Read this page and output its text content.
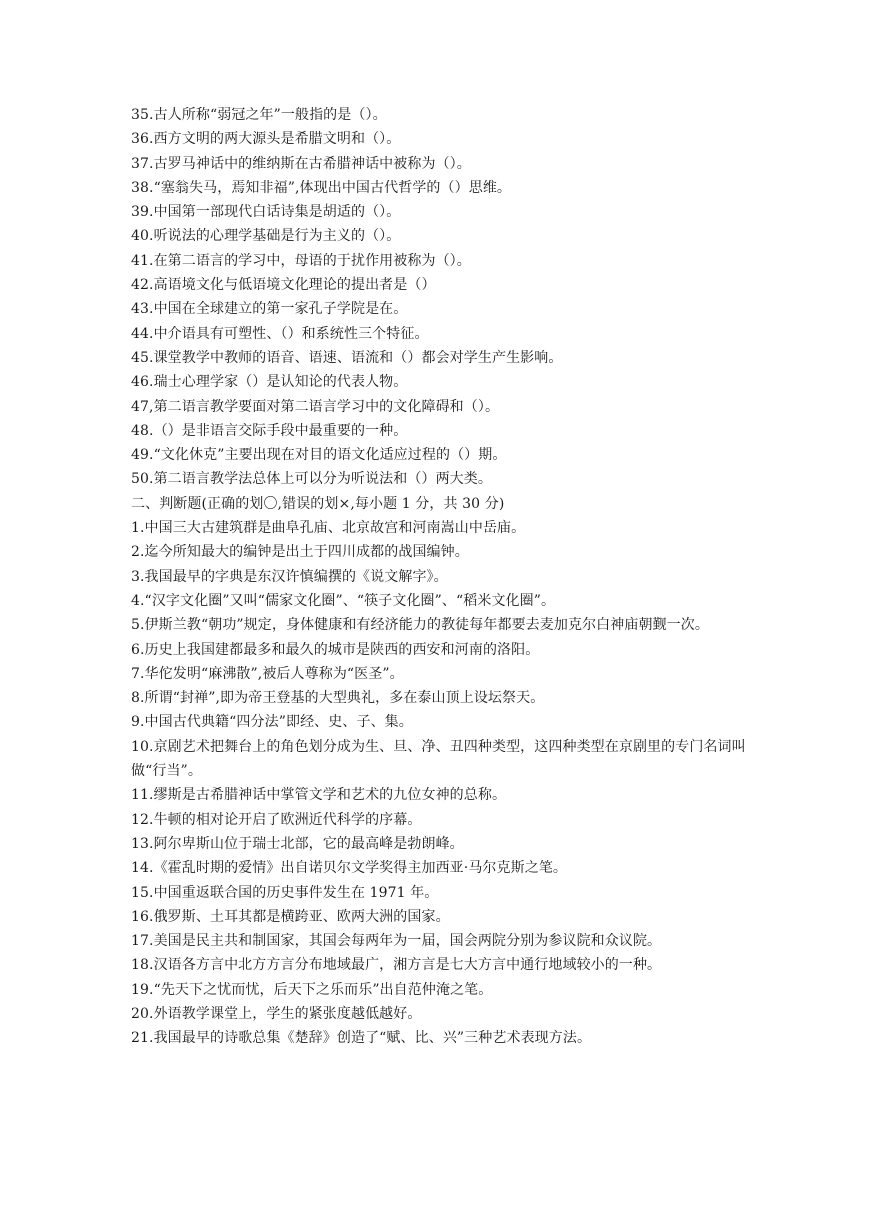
35.古人所称“弱冠之年”一般指的是（）。
36.西方文明的两大源头是希腊文明和（）。
37.古罗马神话中的维纳斯在古希腊神话中被称为（）。
38.“塞翁失马，焉知非福”,体现出中国古代哲学的（）思维。
39.中国第一部现代白话诗集是胡适的（）。
40.听说法的心理学基础是行为主义的（）。
41.在第二语言的学习中，母语的于扰作用被称为（）。
42.高语境文化与低语境文化理论的提出者是（）
43.中国在全球建立的第一家孔子学院是在。
44.中介语具有可塑性、（）和系统性三个特征。
45.课堂教学中教师的语音、语速、语流和（）都会对学生产生影响。
46.瑞士心理学家（）是认知论的代表人物。
47,第二语言教学要面对第二语言学习中的文化障碍和（）。
48.（）是非语言交际手段中最重要的一种。
49.“文化休克”主要出现在对目的语文化适应过程的（）期。
50.第二语言教学法总体上可以分为听说法和（）两大类。
二、判断题(正确的划〇,错误的划×,每小题 1 分，共 30 分)
1.中国三大古建筑群是曲阜孔庙、北京故宫和河南嵩山中岳庙。
2.迄今所知最大的编钟是出土于四川成都的战国编钟。
3.我国最早的字典是东汉许慎编撰的《说文解字》。
4.“汉字文化圈”又叫“儒家文化圈”、“筷子文化圈”、“稻米文化圈”。
5.伊斯兰教“朝功”规定，身体健康和有经济能力的教徒每年都要去麦加克尔白神庙朝觐一次。
6.历史上我国建都最多和最久的城市是陕西的西安和河南的洛阳。
7.华佗发明“麻沸散”,被后人尊称为“医圣”。
8.所谓“封禅”,即为帝王登基的大型典礼，多在泰山顶上设坛祭天。
9.中国古代典籍“四分法”即经、史、子、集。
10.京剧艺术把舞台上的角色划分成为生、旦、净、丑四种类型，这四种类型在京剧里的专门名词叫做“行当”。
11.缪斯是古希腊神话中掌管文学和艺术的九位女神的总称。
12.牛顿的相对论开启了欧洲近代科学的序幕。
13.阿尔卑斯山位于瑞士北部，它的最高峰是勃朗峰。
14.《霍乱时期的爱情》出自诺贝尔文学奖得主加西亚·马尔克斯之笔。
15.中国重返联合国的历史事件发生在 1971 年。
16.俄罗斯、土耳其都是横跨亚、欧两大洲的国家。
17.美国是民主共和制国家，其国会每两年为一届，国会两院分别为参议院和众议院。
18.汉语各方言中北方方言分布地域最广，湘方言是七大方言中通行地域较小的一种。
19.“先天下之忧而忧，后天下之乐而乐”出自范仲淹之笔。
20.外语教学课堂上，学生的紧张度越低越好。
21.我国最早的诗歌总集《楚辞》创造了“赋、比、兴”三种艺术表现方法。
